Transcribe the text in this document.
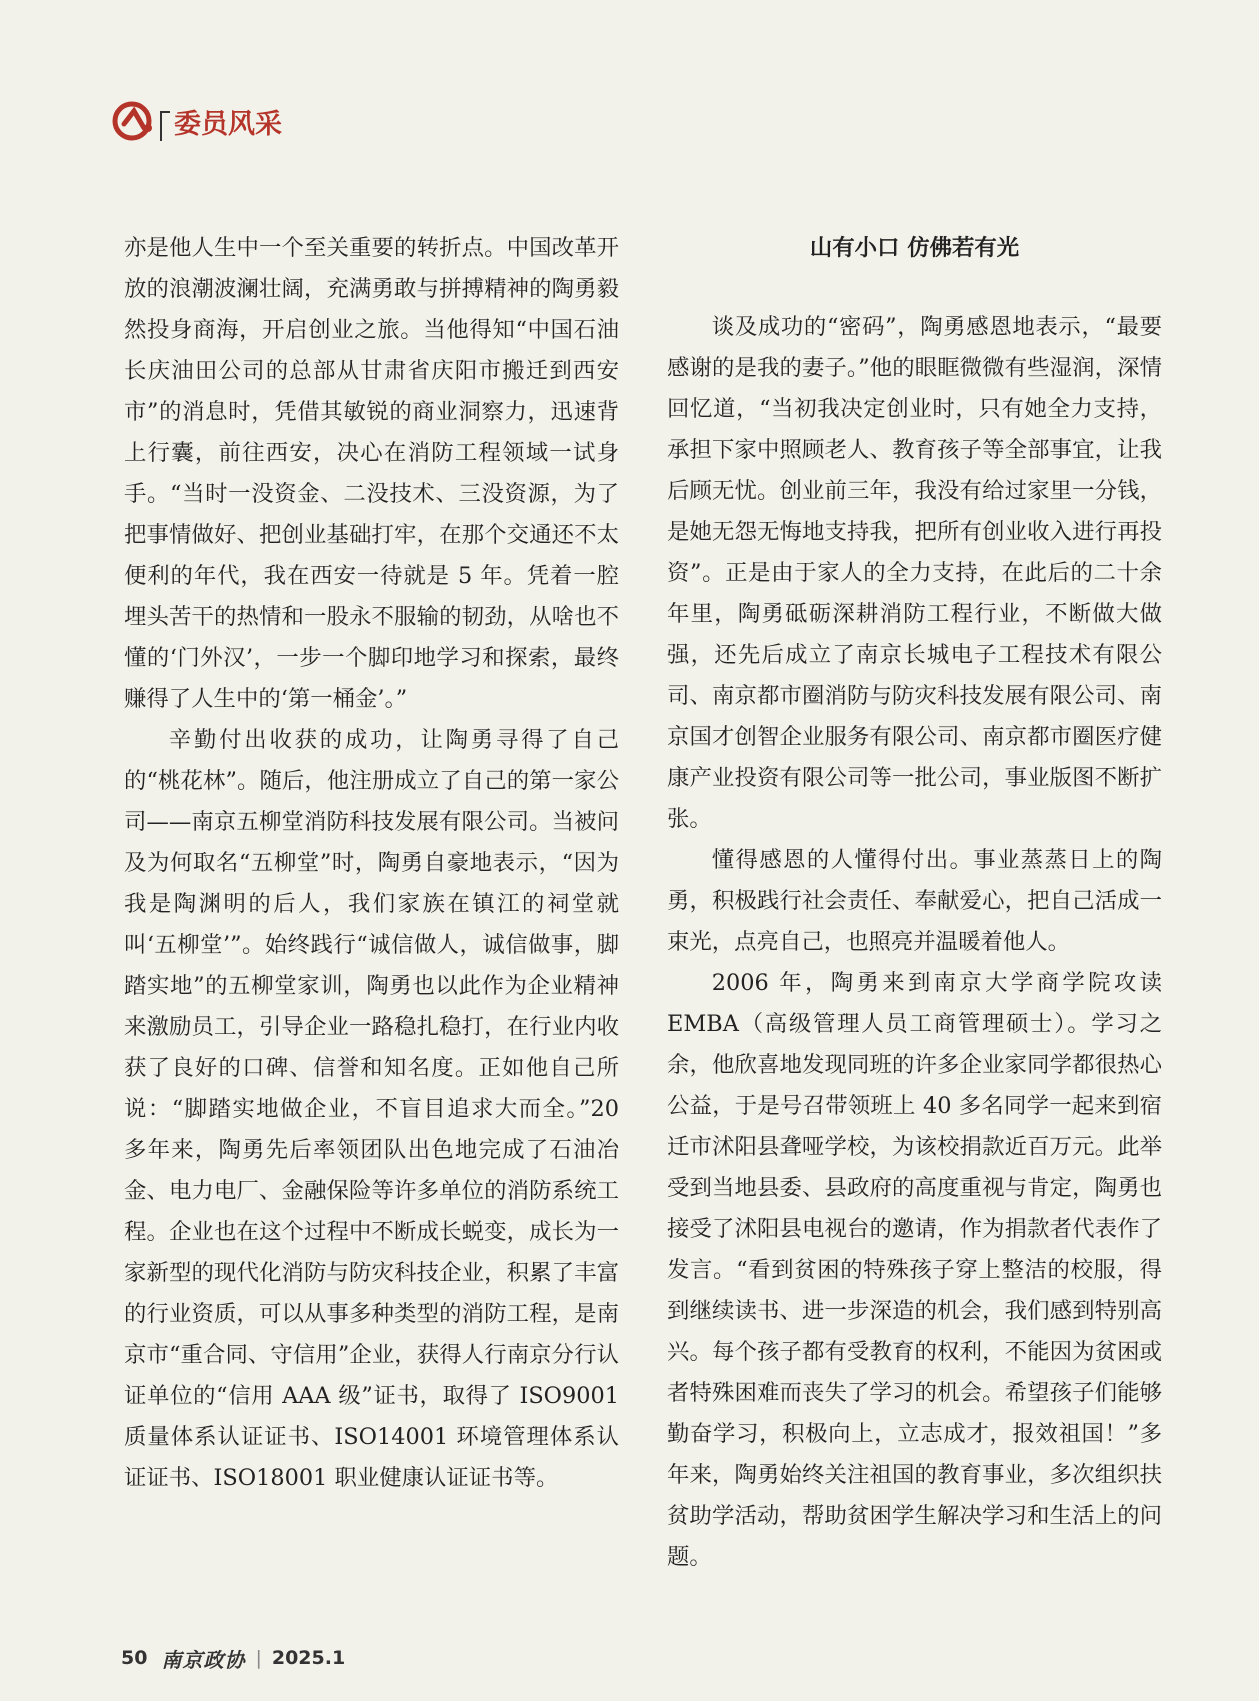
委员风采

亦是他人生中一个至关重要的转折点。中国改革开放的浪潮波澜壮阔，充满勇敢与拼搏精神的陶勇毅然投身商海，开启创业之旅。当他得知“中国石油长庆油田公司的总部从甘肃省庆阳市搬迁到西安市”的消息时，凭借其敏锐的商业洞察力，迅速背上行囊，前往西安，决心在消防工程领域一试身手。“当时一没资金、二没技术、三没资源，为了把事情做好、把创业基础打牢，在那个交通还不太便利的年代，我在西安一待就是 5 年。凭着一腔埋头苦干的热情和一股永不服输的韧劲，从啥也不懂的‘门外汉’，一步一个脚印地学习和探索，最终赚得了人生中的‘第一桶金’。”

辛勤付出收获的成功，让陶勇寻得了自己的“桃花林”。随后，他注册成立了自己的第一家公司——南京五柳堂消防科技发展有限公司。当被问及为何取名“五柳堂”时，陶勇自豪地表示，“因为我是陶渊明的后人，我们家族在镇江的祠堂就叫‘五柳堂’”。始终践行“诚信做人，诚信做事，脚踏实地”的五柳堂家训，陶勇也以此作为企业精神来激励员工，引导企业一路稳扎稳打，在行业内收获了良好的口碑、信誉和知名度。正如他自己所说：“脚踏实地做企业，不盲目追求大而全。”20 多年来，陶勇先后率领团队出色地完成了石油冶金、电力电厂、金融保险等许多单位的消防系统工程。企业也在这个过程中不断成长蜕变，成长为一家新型的现代化消防与防灾科技企业，积累了丰富的行业资质，可以从事多种类型的消防工程，是南京市“重合同、守信用”企业，获得人行南京分行认证单位的“信用 AAA 级”证书，取得了 ISO9001 质量体系认证证书、ISO14001 环境管理体系认证证书、ISO18001 职业健康认证证书等。

山有小口 仿佛若有光

谈及成功的“密码”，陶勇感恩地表示，“最要感谢的是我的妻子。”他的眼眶微微有些湿润，深情回忆道，“当初我决定创业时，只有她全力支持，承担下家中照顾老人、教育孩子等全部事宜，让我后顾无忧。创业前三年，我没有给过家里一分钱，是她无怨无悔地支持我，把所有创业收入进行再投资”。正是由于家人的全力支持，在此后的二十余年里，陶勇砥砺深耕消防工程行业，不断做大做强，还先后成立了南京长城电子工程技术有限公司、南京都市圈消防与防灾科技发展有限公司、南京国才创智企业服务有限公司、南京都市圈医疗健康产业投资有限公司等一批公司，事业版图不断扩张。

懂得感恩的人懂得付出。事业蒸蒸日上的陶勇，积极践行社会责任、奉献爱心，把自己活成一束光，点亮自己，也照亮并温暖着他人。

2006 年，陶勇来到南京大学商学院攻读 EMBA（高级管理人员工商管理硕士）。学习之余，他欣喜地发现同班的许多企业家同学都很热心公益，于是号召带领班上 40 多名同学一起来到宿迁市沭阳县聋哑学校，为该校捐款近百万元。此举受到当地县委、县政府的高度重视与肯定，陶勇也接受了沭阳县电视台的邀请，作为捐款者代表作了发言。“看到贫困的特殊孩子穿上整洁的校服，得到继续读书、进一步深造的机会，我们感到特别高兴。每个孩子都有受教育的权利，不能因为贫困或者特殊困难而丧失了学习的机会。希望孩子们能够勤奋学习，积极向上，立志成才，报效祖国！”多年来，陶勇始终关注祖国的教育事业，多次组织扶贫助学活动，帮助贫困学生解决学习和生活上的问题。

50 南京政协 | 2025.1
